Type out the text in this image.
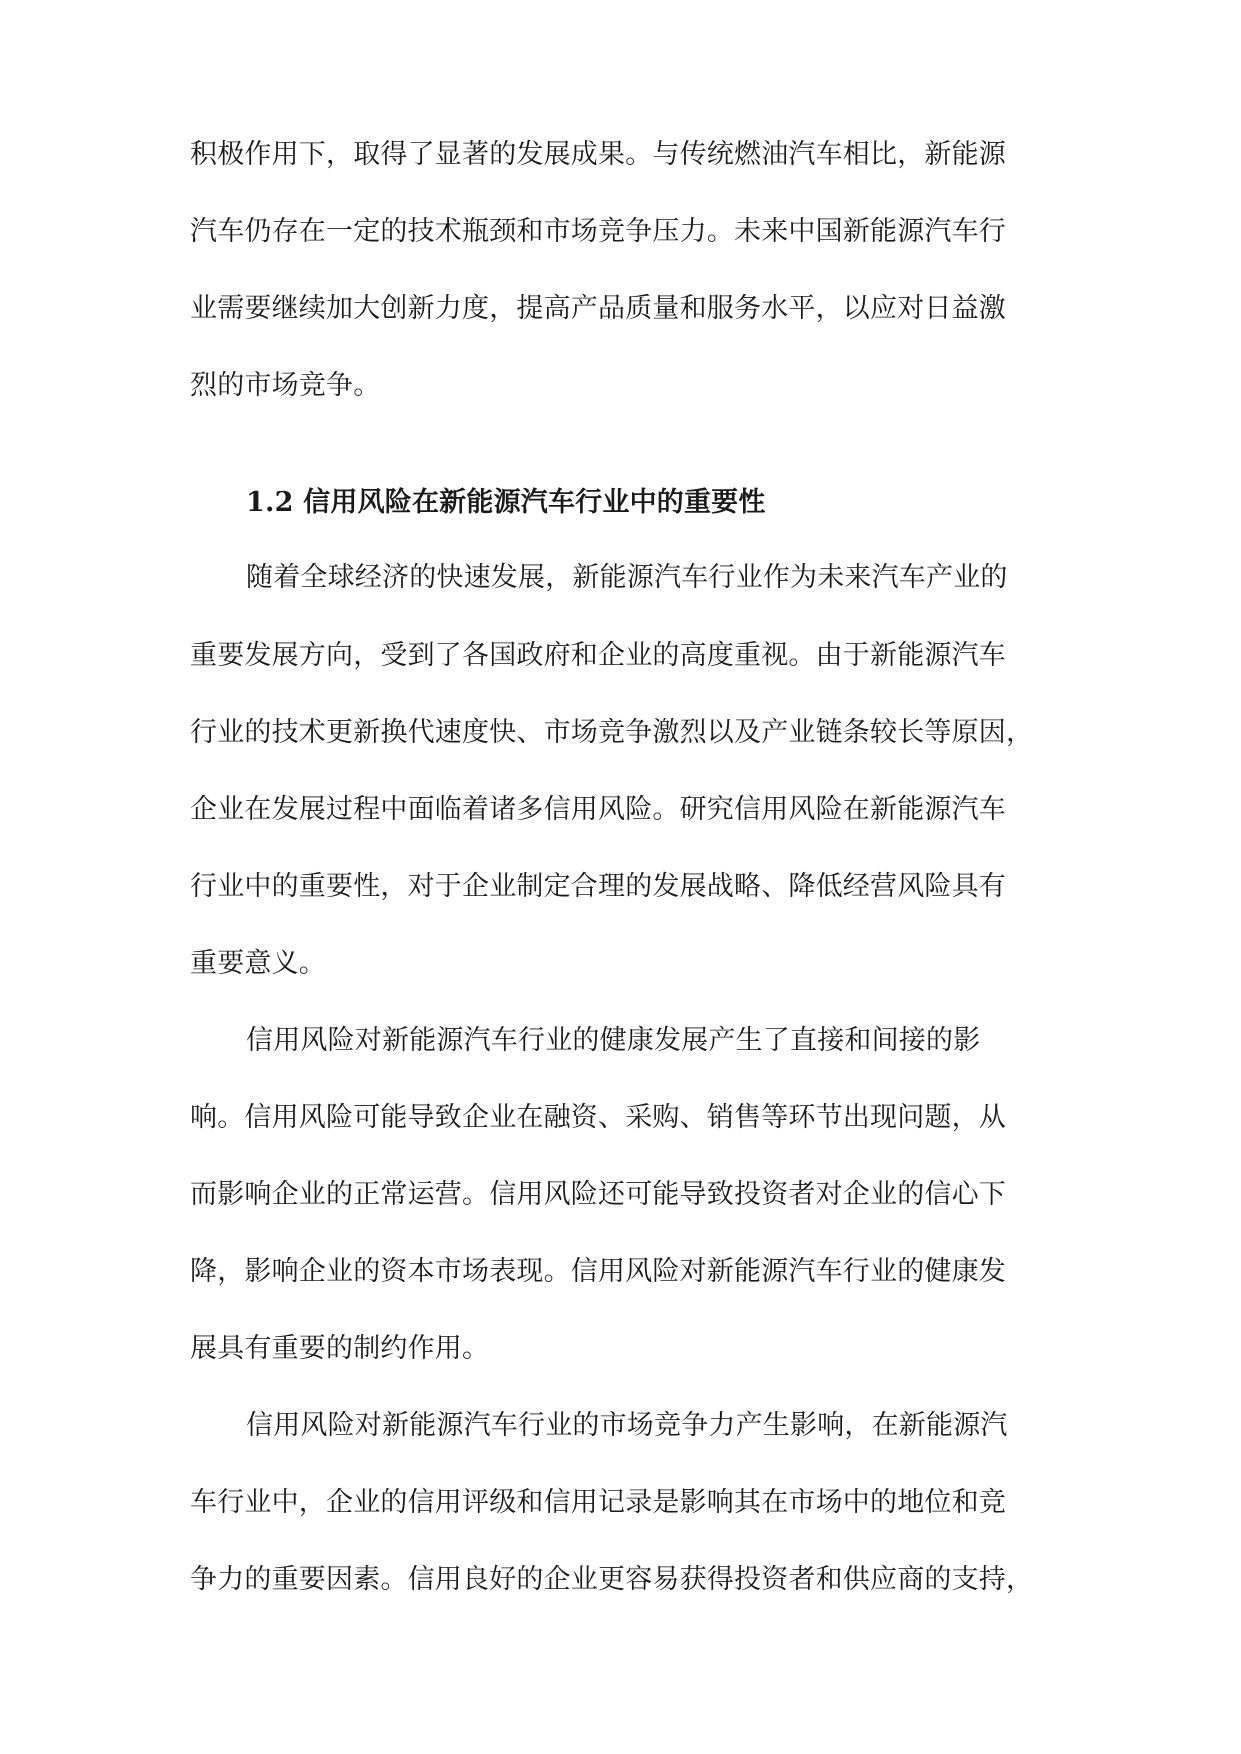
积极作用下，取得了显著的发展成果。与传统燃油汽车相比，新能源
汽车仍存在一定的技术瓶颈和市场竞争压力。未来中国新能源汽车行
业需要继续加大创新力度，提高产品质量和服务水平，以应对日益激
烈的市场竞争。
1.2 信用风险在新能源汽车行业中的重要性
随着全球经济的快速发展，新能源汽车行业作为未来汽车产业的
重要发展方向，受到了各国政府和企业的高度重视。由于新能源汽车
行业的技术更新换代速度快、市场竞争激烈以及产业链条较长等原因，
企业在发展过程中面临着诸多信用风险。研究信用风险在新能源汽车
行业中的重要性，对于企业制定合理的发展战略、降低经营风险具有
重要意义。
信用风险对新能源汽车行业的健康发展产生了直接和间接的影
响。信用风险可能导致企业在融资、采购、销售等环节出现问题，从
而影响企业的正常运营。信用风险还可能导致投资者对企业的信心下
降，影响企业的资本市场表现。信用风险对新能源汽车行业的健康发
展具有重要的制约作用。
信用风险对新能源汽车行业的市场竞争力产生影响，在新能源汽
车行业中，企业的信用评级和信用记录是影响其在市场中的地位和竞
争力的重要因素。信用良好的企业更容易获得投资者和供应商的支持，
